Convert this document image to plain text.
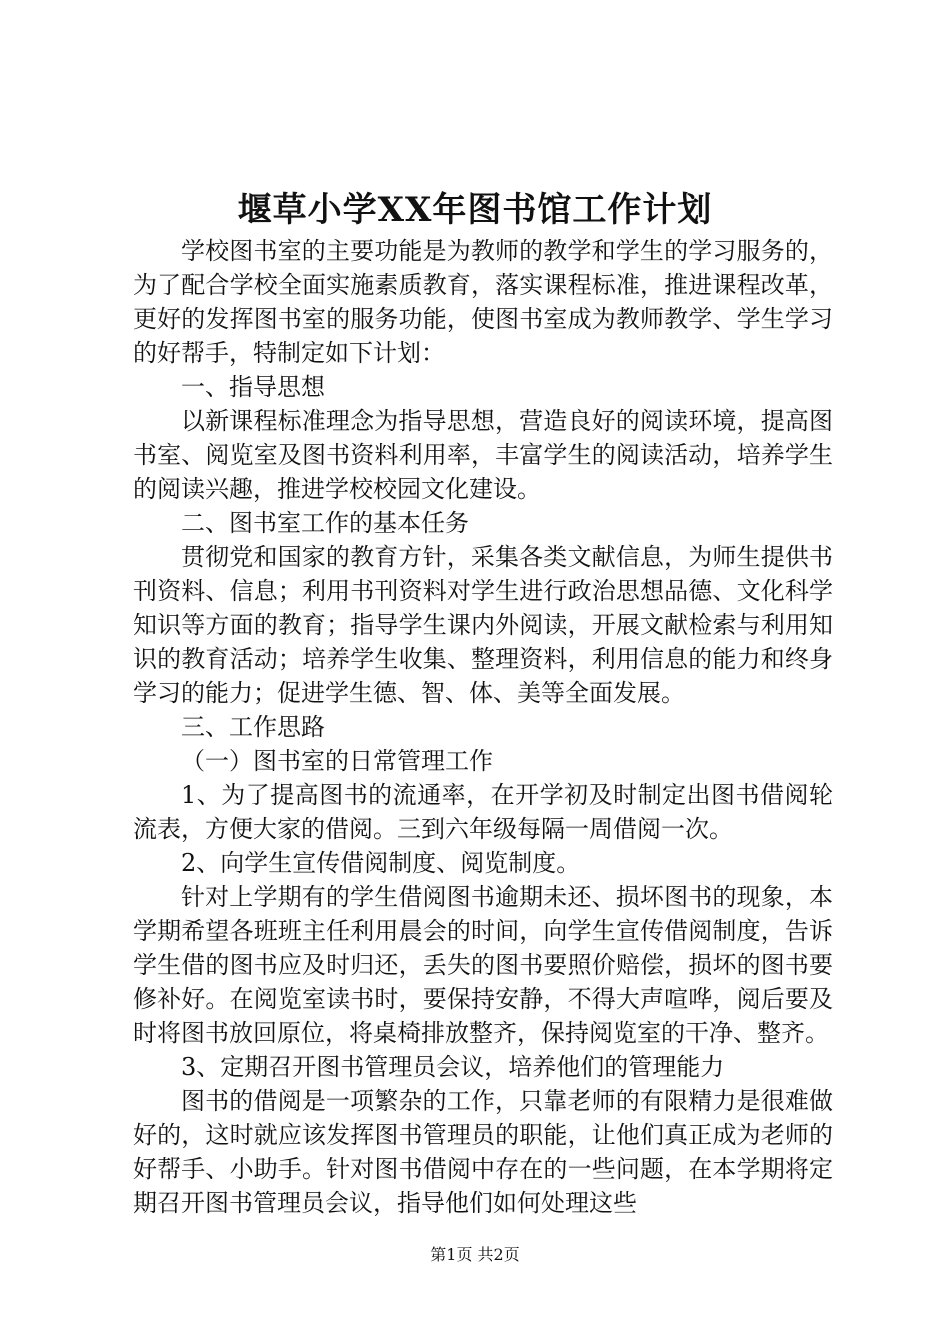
堰草小学XX年图书馆工作计划

学校图书室的主要功能是为教师的教学和学生的学习服务的，为了配合学校全面实施素质教育，落实课程标准，推进课程改革，更好的发挥图书室的服务功能，使图书室成为教师教学、学生学习的好帮手，特制定如下计划：

一、指导思想

以新课程标准理念为指导思想，营造良好的阅读环境，提高图书室、阅览室及图书资料利用率，丰富学生的阅读活动，培养学生的阅读兴趣，推进学校校园文化建设。

二、图书室工作的基本任务

贯彻党和国家的教育方针，采集各类文献信息，为师生提供书刊资料、信息；利用书刊资料对学生进行政治思想品德、文化科学知识等方面的教育；指导学生课内外阅读，开展文献检索与利用知识的教育活动；培养学生收集、整理资料，利用信息的能力和终身学习的能力；促进学生德、智、体、美等全面发展。

三、工作思路

（一）图书室的日常管理工作

1、为了提高图书的流通率，在开学初及时制定出图书借阅轮流表，方便大家的借阅。三到六年级每隔一周借阅一次。

2、向学生宣传借阅制度、阅览制度。

针对上学期有的学生借阅图书逾期未还、损坏图书的现象，本学期希望各班班主任利用晨会的时间，向学生宣传借阅制度，告诉学生借的图书应及时归还，丢失的图书要照价赔偿，损坏的图书要修补好。在阅览室读书时，要保持安静，不得大声喧哗，阅后要及时将图书放回原位，将桌椅排放整齐，保持阅览室的干净、整齐。

3、定期召开图书管理员会议，培养他们的管理能力

图书的借阅是一项繁杂的工作，只靠老师的有限精力是很难做好的，这时就应该发挥图书管理员的职能，让他们真正成为老师的好帮手、小助手。针对图书借阅中存在的一些问题，在本学期将定期召开图书管理员会议，指导他们如何处理这些

第1页 共2页
